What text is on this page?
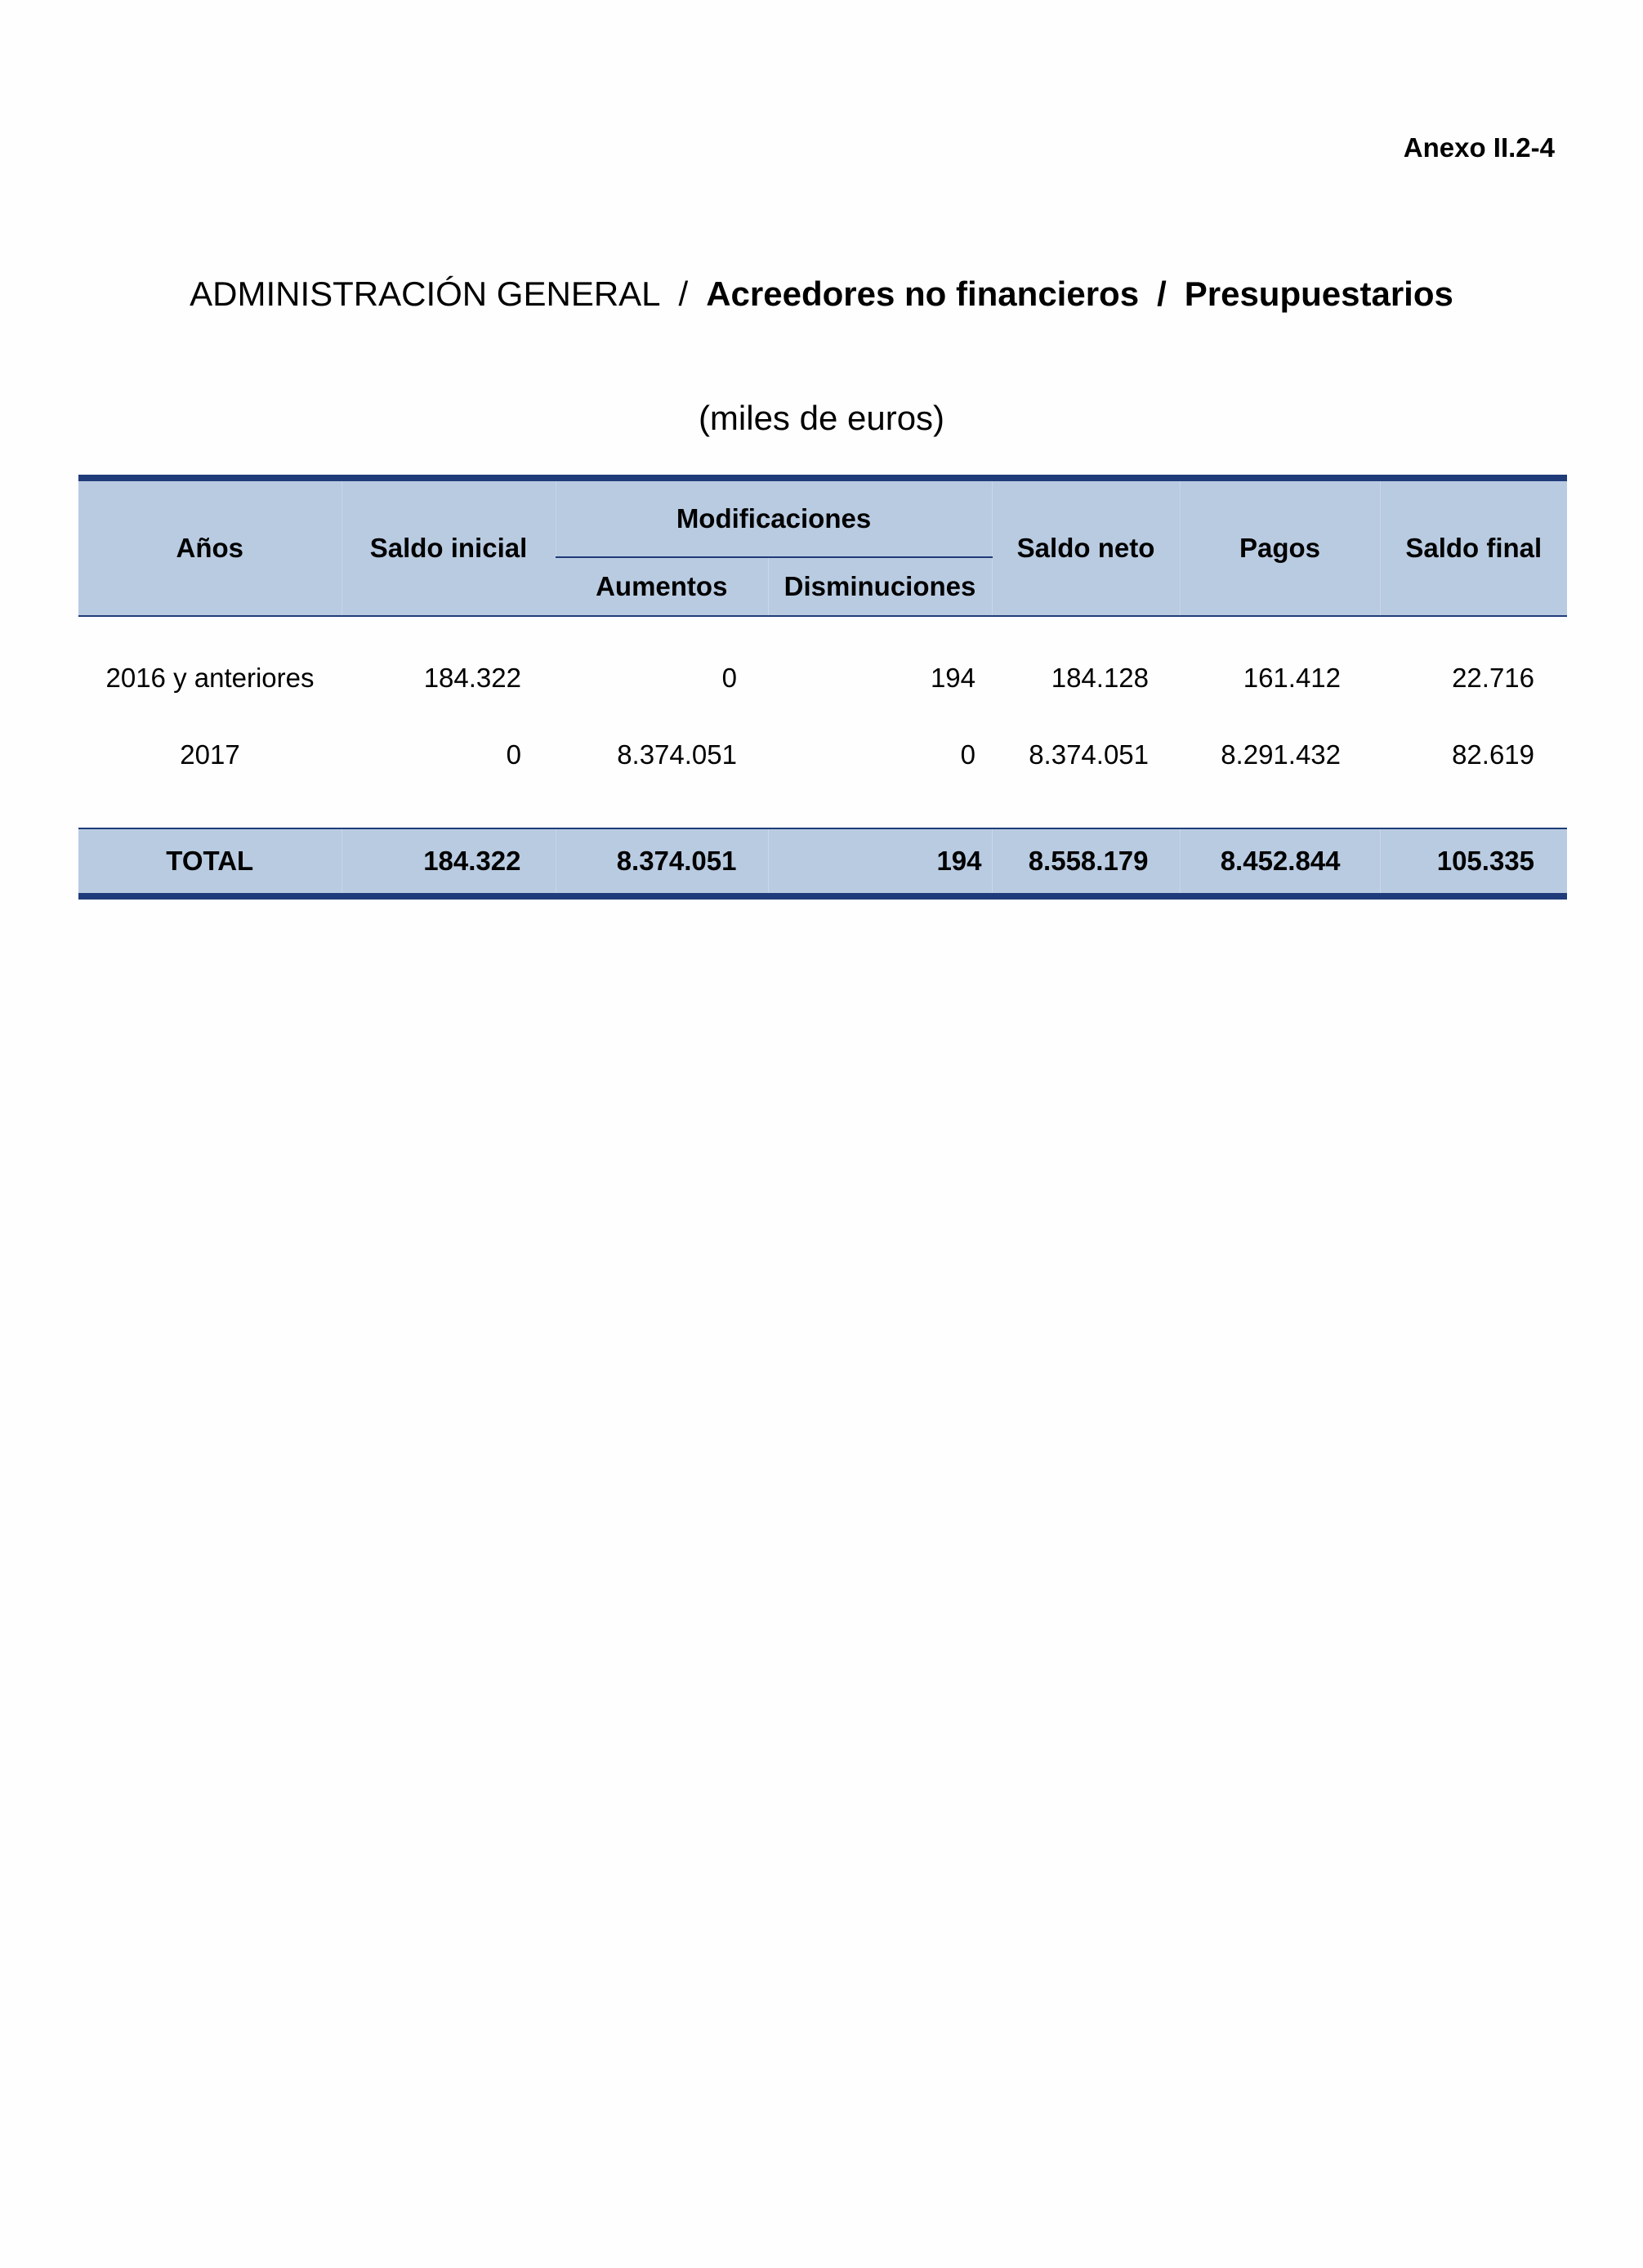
Anexo II.2-4
ADMINISTRACIÓN GENERAL / Acreedores no financieros / Presupuestarios
(miles de euros)
Años	Saldo inicial	Modificaciones		Saldo neto	Pagos	Saldo final
		Aumentos	Disminuciones			

2016 y anteriores	184.322	0	194	184.128	161.412	22.716
2017	0	8.374.051	0	8.374.051	8.291.432	82.619

TOTAL	184.322	8.374.051	194	8.558.179	8.452.844	105.335
